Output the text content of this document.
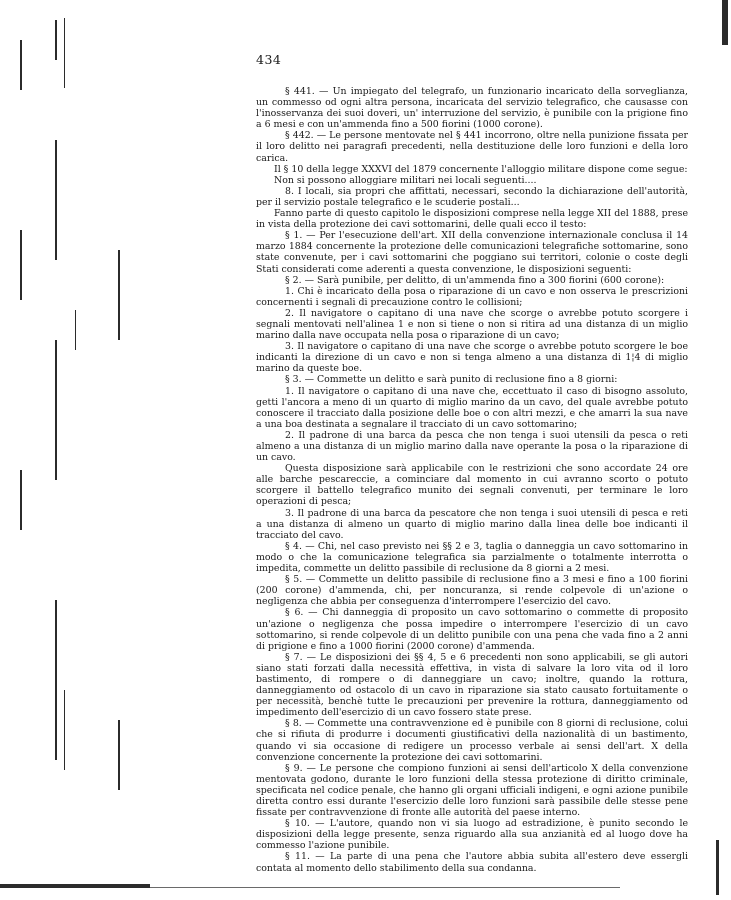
434

§ 441. — Un impiegato del telegrafo, un funzionario incaricato della sorveglianza, un commesso od ogni altra persona, incaricata del servizio telegrafico, che causasse con l'inosservanza dei suoi doveri, un' interruzione del servizio, è punibile con la prigione fino a 6 mesi e con un'ammenda fino a 500 fiorini (1000 corone).

§ 442. — Le persone mentovate nel § 441 incorrono, oltre nella punizione fissata per il loro delitto nei paragrafi precedenti, nella destituzione delle loro funzioni e della loro carica.

Il § 10 della legge XXXVI del 1879 concernente l'alloggio militare dispone come segue:

Non si possono alloggiare militari nei locali seguenti....

8. I locali, sia propri che affittati, necessari, secondo la dichiarazione dell'autorità, per il servizio postale telegrafico e le scuderie postali...

Fanno parte di questo capitolo le disposizioni comprese nella legge XII del 1888, prese in vista della protezione dei cavi sottomarini, delle quali ecco il testo:

§ 1. — Per l'esecuzione dell'art. XII della convenzione internazionale conclusa il 14 marzo 1884 concernente la protezione delle comunicazioni telegrafiche sottomarine, sono state convenute, per i cavi sottomarini che poggiano sui territori, colonie o coste degli Stati considerati come aderenti a questa convenzione, le disposizioni seguenti:

§ 2. — Sarà punibile, per delitto, di un'ammenda fino a 300 fiorini (600 corone):

1. Chi è incaricato della posa o riparazione di un cavo e non osserva le prescrizioni concernenti i segnali di precauzione contro le collisioni;

2. Il navigatore o capitano di una nave che scorge o avrebbe potuto scorgere i segnali mentovati nell'alinea 1 e non si tiene o non si ritira ad una distanza di un miglio marino dalla nave occupata nella posa o riparazione di un cavo;

3. Il navigatore o capitano di una nave che scorge o avrebbe potuto scorgere le boe indicanti la direzione di un cavo e non si tenga almeno a una distanza di 1¦4 di miglio marino da queste boe.

§ 3. — Commette un delitto e sarà punito di reclusione fino a 8 giorni:

1. Il navigatore o capitano di una nave che, eccettuato il caso di bisogno assoluto, getti l'ancora a meno di un quarto di miglio marino da un cavo, del quale avrebbe potuto conoscere il tracciato dalla posizione delle boe o con altri mezzi, e che amarri la sua nave a una boa destinata a segnalare il tracciato di un cavo sottomarino;

2. Il padrone di una barca da pesca che non tenga i suoi utensili da pesca o reti almeno a una distanza di un miglio marino dalla nave operante la posa o la riparazione di un cavo.

Questa disposizione sarà applicabile con le restrizioni che sono accordate 24 ore alle barche pescareccie, a cominciare dal momento in cui avranno scorto o potuto scorgere il battello telegrafico munito dei segnali convenuti, per terminare le loro operazioni di pesca;

3. Il padrone di una barca da pescatore che non tenga i suoi utensili di pesca e reti a una distanza di almeno un quarto di miglio marino dalla linea delle boe indicanti il tracciato del cavo.

§ 4. — Chi, nel caso previsto nei §§ 2 e 3, taglia o danneggia un cavo sottomarino in modo o che la comunicazione telegrafica sia parzialmente o totalmente interrotta o impedita, commette un delitto passibile di reclusione da 8 giorni a 2 mesi.

§ 5. — Commette un delitto passibile di reclusione fino a 3 mesi e fino a 100 fiorini (200 corone) d'ammenda, chi, per noncuranza, si rende colpevole di un'azione o negligenza che abbia per conseguenza d'interrompere l'esercizio del cavo.

§ 6. — Chi danneggia di proposito un cavo sottomarino o commette di proposito un'azione o negligenza che possa impedire o interrompere l'esercizio di un cavo sottomarino, si rende colpevole di un delitto punibile con una pena che vada fino a 2 anni di prigione e fino a 1000 fiorini (2000 corone) d'ammenda.

§ 7. — Le disposizioni dei §§ 4, 5 e 6 precedenti non sono applicabili, se gli autori siano stati forzati dalla necessità effettiva, in vista di salvare la loro vita od il loro bastimento, di rompere o di danneggiare un cavo; inoltre, quando la rottura, danneggiamento od ostacolo di un cavo in riparazione sia stato causato fortuitamente o per necessità, benchè tutte le precauzioni per prevenire la rottura, danneggiamento od impedimento dell'esercizio di un cavo fossero state prese.

§ 8. — Commette una contravvenzione ed è punibile con 8 giorni di reclusione, colui che si rifiuta di produrre i documenti giustificativi della nazionalità di un bastimento, quando vi sia occasione di redigere un processo verbale ai sensi dell'art. X della convenzione concernente la protezione dei cavi sottomarini.

§ 9. — Le persone che compiono funzioni ai sensi dell'articolo X della convenzione mentovata godono, durante le loro funzioni della stessa protezione di diritto criminale, specificata nel codice penale, che hanno gli organi ufficiali indigeni, e ogni azione punibile diretta contro essi durante l'esercizio delle loro funzioni sarà passibile delle stesse pene fissate per contravvenzione di fronte alle autorità del paese interno.

§ 10. — L'autore, quando non vi sia luogo ad estradizione, è punito secondo le disposizioni della legge presente, senza riguardo alla sua anzianità ed al luogo dove ha commesso l'azione punibile.

§ 11. — La parte di una pena che l'autore abbia subita all'estero deve essergli contata al momento dello stabilimento della sua condanna.
